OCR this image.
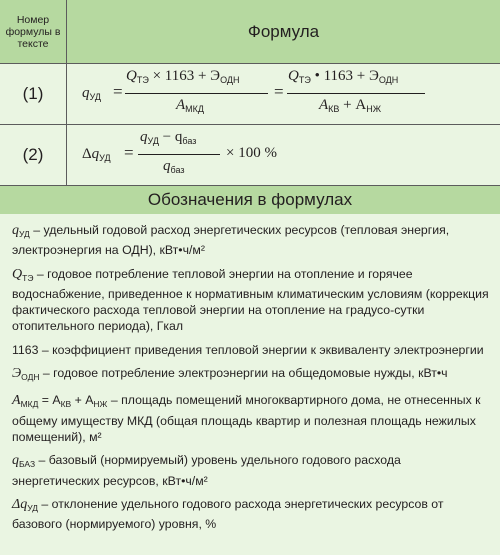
Номер формулы в тексте
Формула
(1)	$q_{УД}$ =
$Q_{ТЭ} \times 1163 + Э_{ОДН}$
$A_{МКД}$
=
$Q_{ТЭ}$ • $1163 + Э_{ОДН}$
$A_{КВ} + A_{НЖ}$
(2)	$\Delta q_{УД}$ =
$q_{УД} - q_{баз}$
$q_{баз}$
× 100 %
Обозначения в формулах
$q_{УД}$ – удельный годовой расход энергетических ресурсов (тепловая энергия, электроэнергия на ОДН), кВт•ч/м²
$Q_{ТЭ}$ – годовое потребление тепловой энергии на отопление и горячее водоснабжение, приведенное к нормативным климатическим условиям (коррекция фактического расхода тепловой энергии на отопление на градусо-сутки отопительного периода), Гкал
1163 – коэффициент приведения тепловой энергии к эквиваленту электроэнергии
$Э_{ОДН}$ – годовое потребление электроэнергии на общедомовые нужды, кВт•ч
$A_{МКД} = A_{КВ} + A_{НЖ}$ – площадь помещений многоквартирного дома, не отнесенных к общему имуществу МКД (общая площадь квартир и полезная площадь нежилых помещений), м²
$q_{БАЗ}$ – базовый (нормируемый) уровень удельного годового расхода энергетических ресурсов, кВт•ч/м²
$\Delta q_{УД}$ – отклонение удельного годового расхода энергетических ресурсов от базового (нормируемого) уровня, %
